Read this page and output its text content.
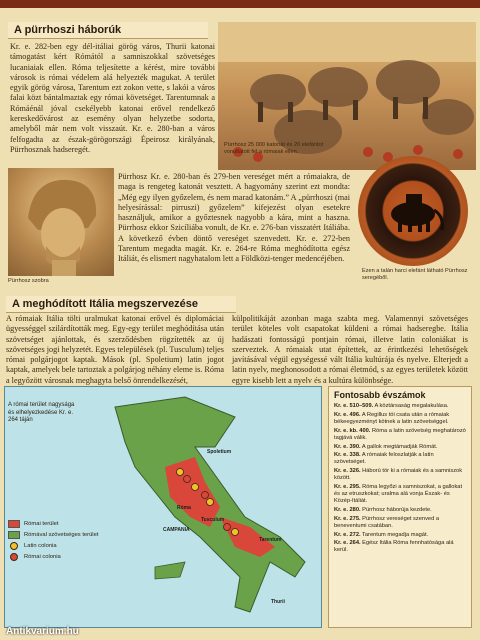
A pürrhoszi háborúk
Kr. e. 282-ben egy dél-itáliai görög város, Thurii katonai támogatást kért Rómától a samniszokkal szövetséges lucaniaiak ellen. Róma teljesítette a kérést, mire további városok is római védelem alá helyezték magukat. A terület egyik görög városa, Tarentum ezt zokon vette, s lakói a város falai közt bántalmaztak egy római követséget. Tarentumnak a Rómáénál jóval csekélyebb katonai erővel rendelkező kereskedővárost az esemény olyan helyzetbe sodorta, amelyből már nem volt visszaút. Kr. e. 280-ban a város felfogadta az észak-görögországi Épeirosz királyának, Pürrhosznak hadseregét.	Pürrhosz 25 000 katonát és 20 elefántot vonultatott fel a rómaiak ellen.
Pürrhosz szobra
Pürrhosz Kr. e. 280-ban és 279-ben vereséget mért a rómaiakra, de maga is rengeteg katonát vesztett. A hagyomány szerint ezt mondta: „Még egy ilyen győzelem, és nem marad katonám.” A „pürrhoszi (mai helyesírással: pirruszi) győzelem” kifejezést olyan esetekre használjuk, amikor a győztesnek nagyobb a kára, mint a haszna. Pürrhosz ekkor Szicíliába vonult, de Kr. e. 276-ban visszatért Itáliába. A következő évben döntő vereséget szenvedett. Kr. e. 272-ben Tarentum megadta magát. Kr. e. 264-re Róma meghódította egész Itáliát, és elismert nagyhatalom lett a Földközi-tenger medencéjében.
Ezen a talán harci elefánt látható Pürrhosz seregéből.
A meghódított Itália megszervezése
A rómaiak Itália tölti uralmukat katonai erővel és diplomáciai ügyességgel szilárdították meg. Egy-egy terület meghódítása után szövetséget ajánlottak, és szerződésben rögzítették az új szövetséges jogi helyzetét. Egyes települések (pl. Tusculum) teljes római polgárjogot kaptak. Mások (pl. Spoletium) latin jogot kaptak, amelyek bele tartoztak a polgárjog néhány eleme is. Róma a legyőzött városnak meghagyta belső önrendelkezését,
külpolitikáját azonban maga szabta meg. Valamennyi szövetséges terület köteles volt csapatokat küldeni a római hadseregbe. Itália hadászati fontosságú pontjain római, illetve latin coloniákat is szerveztek. A rómaiak utat építettek, az érintkezési lehetőségek javításával végül egységessé vált Itália kultúrája és nyelve. Elterjedt a latin nyelv, meghonosodott a római életmód, s az egyes területek között egyre kisebb lett a nyelv és a kultúra különbsége.
Spoletium
Róma
CAMPANIA
Tarentum
Thurii
Tusculum
A római terület nagysága és elhelyezkedése Kr. e. 264 táján
Római terület
Rómával szövetséges terület
Latin colonia
Római colonia
Fontosabb évszámok
Kr. e. 510–509. A köztársaság megalakulása.
Kr. e. 496. A Regillus tói csata után a rómaiak békeegyezményt kötnek a latin szövetséggel.
Kr. e. kb. 400. Róma a latin szövetség meghatározó tagjává válik.
Kr. e. 390. A gallok megtámadják Rómát.
Kr. e. 338. A rómaiak feloszlatják a latin szövetséget.
Kr. e. 326. Háború tör ki a rómaiak és a samniszok között.
Kr. e. 295. Róma legyőzi a samniszokat, a gallokat és az etruszkokat; uralma alá vonja Észak- és Közép-Itáliát.
Kr. e. 280. Pürrhosz háborúja kezdete.
Kr. e. 275. Pürrhosz vereséget szenved a beneventumi csatában.
Kr. e. 272. Tarentum megadja magát.
Kr. e. 264. Egész Itália Róma fennhatósága alá kerül.
Antikvarium.hu
